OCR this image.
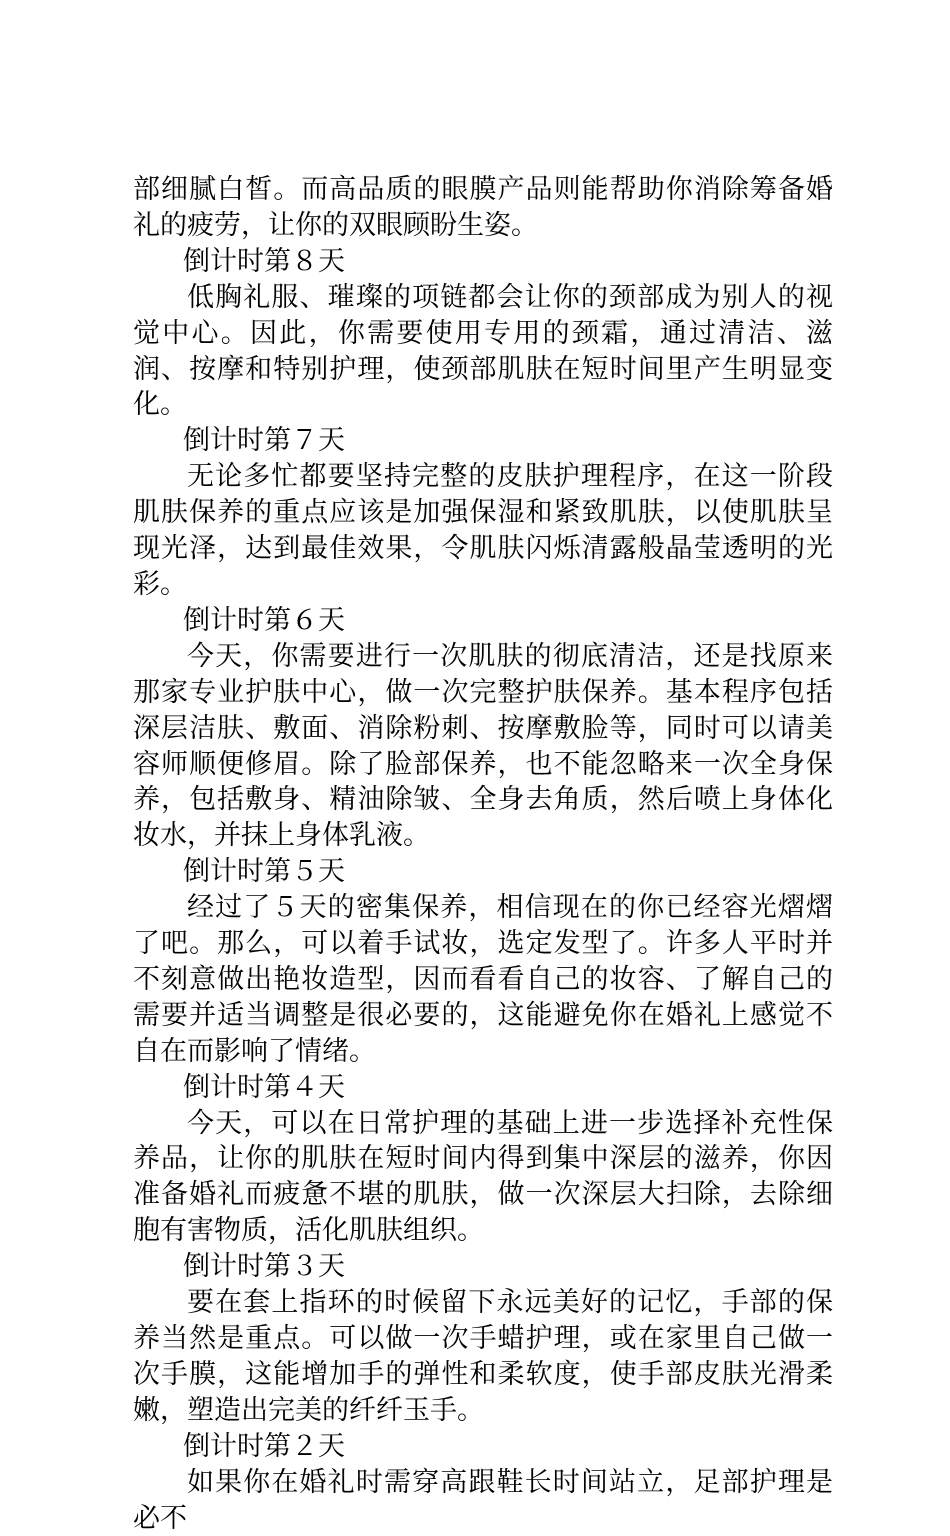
部细腻白皙。而高品质的眼膜产品则能帮助你消除筹备婚礼的疲劳，让你的双眼顾盼生姿。

倒计时第８天

低胸礼服、璀璨的项链都会让你的颈部成为别人的视觉中心。因此，你需要使用专用的颈霜，通过清洁、滋润、按摩和特别护理，使颈部肌肤在短时间里产生明显变化。

倒计时第７天

无论多忙都要坚持完整的皮肤护理程序，在这一阶段肌肤保养的重点应该是加强保湿和紧致肌肤，以使肌肤呈现光泽，达到最佳效果，令肌肤闪烁清露般晶莹透明的光彩。

倒计时第６天

今天，你需要进行一次肌肤的彻底清洁，还是找原来那家专业护肤中心，做一次完整护肤保养。基本程序包括深层洁肤、敷面、消除粉刺、按摩敷脸等，同时可以请美容师顺便修眉。除了脸部保养，也不能忽略来一次全身保养，包括敷身、精油除皱、全身去角质，然后喷上身体化妆水，并抹上身体乳液。

倒计时第５天

经过了５天的密集保养，相信现在的你已经容光熠熠了吧。那么，可以着手试妆，选定发型了。许多人平时并不刻意做出艳妆造型，因而看看自己的妆容、了解自己的需要并适当调整是很必要的，这能避免你在婚礼上感觉不自在而影响了情绪。

倒计时第４天

今天，可以在日常护理的基础上进一步选择补充性保养品，让你的肌肤在短时间内得到集中深层的滋养，你因准备婚礼而疲惫不堪的肌肤，做一次深层大扫除，去除细胞有害物质，活化肌肤组织。

倒计时第３天

要在套上指环的时候留下永远美好的记忆，手部的保养当然是重点。可以做一次手蜡护理，或在家里自己做一次手膜，这能增加手的弹性和柔软度，使手部皮肤光滑柔嫩，塑造出完美的纤纤玉手。

倒计时第２天

如果你在婚礼时需穿高跟鞋长时间站立，足部护理是必不
